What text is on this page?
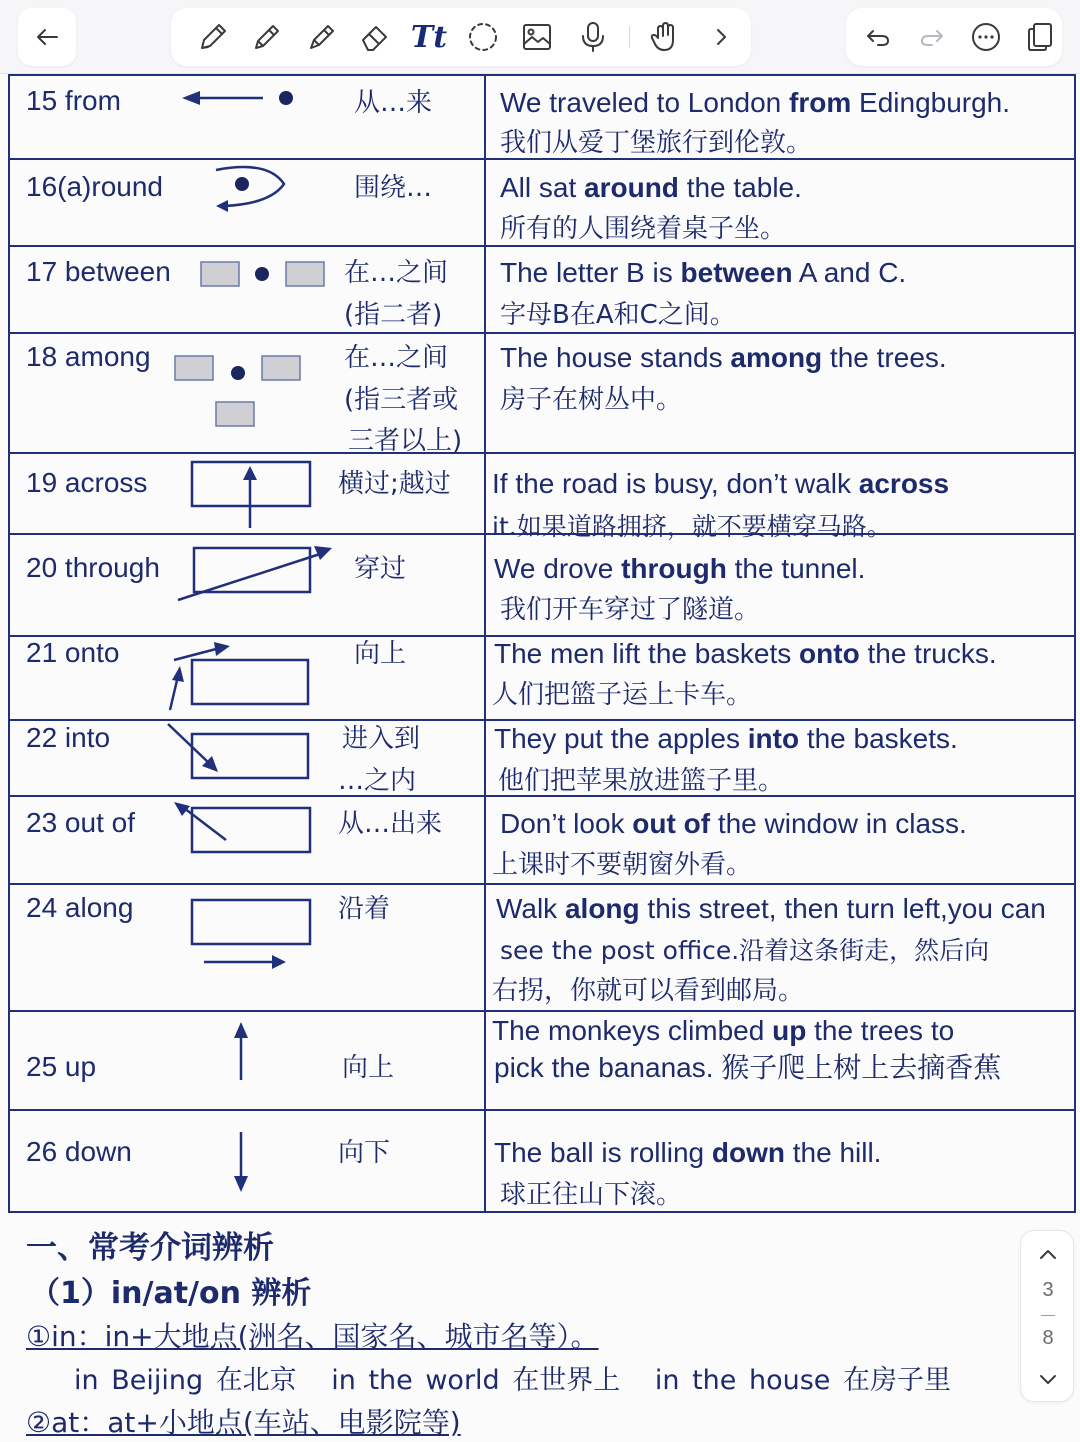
Tt
15 from	从…来 We traveled to London from Edingburgh.
我们从爱丁堡旅行到伦敦。
16(a)round	围绕… All sat around the table.
所有的人围绕着桌子坐。
17 between	在…之间
(指二者)
The letter B is between A and C.
字母B在A和C之间。
18 among	在…之间
(指三者或
三者以上)
The house stands among the trees.
房子在树丛中。
19 across	横过;越过 If the road is busy, don’t walk across
it.如果道路拥挤，就不要横穿马路。
20 through	穿过	We drove through the tunnel.
我们开车穿过了隧道。
21 onto	向上	The men lift the baskets onto the trucks.
人们把篮子运上卡车。
22 into	进入到
…之内
They put the apples into the baskets.
他们把苹果放进篮子里。
23 out of	从…出来 Don’t look out of the window in class.
上课时不要朝窗外看。
24 along	沿着	Walk along this street, then turn left,you can
see the post office.沿着这条街走，然后向
右拐，你就可以看到邮局。
25 up	向上
The monkeys climbed up the trees to
pick the bananas. 猴子爬上树上去摘香蕉
26 down	向下	The ball is rolling down the hill.
球正往山下滚。
一、常考介词辨析
（1）in/at/on 辨析
①in：in+大地点(洲名、国家名、城市名等）。
in Beijing 在北京 in the world 在世界上 in the house 在房子里
②at：at+小地点(车站、电影院等)
3
8
